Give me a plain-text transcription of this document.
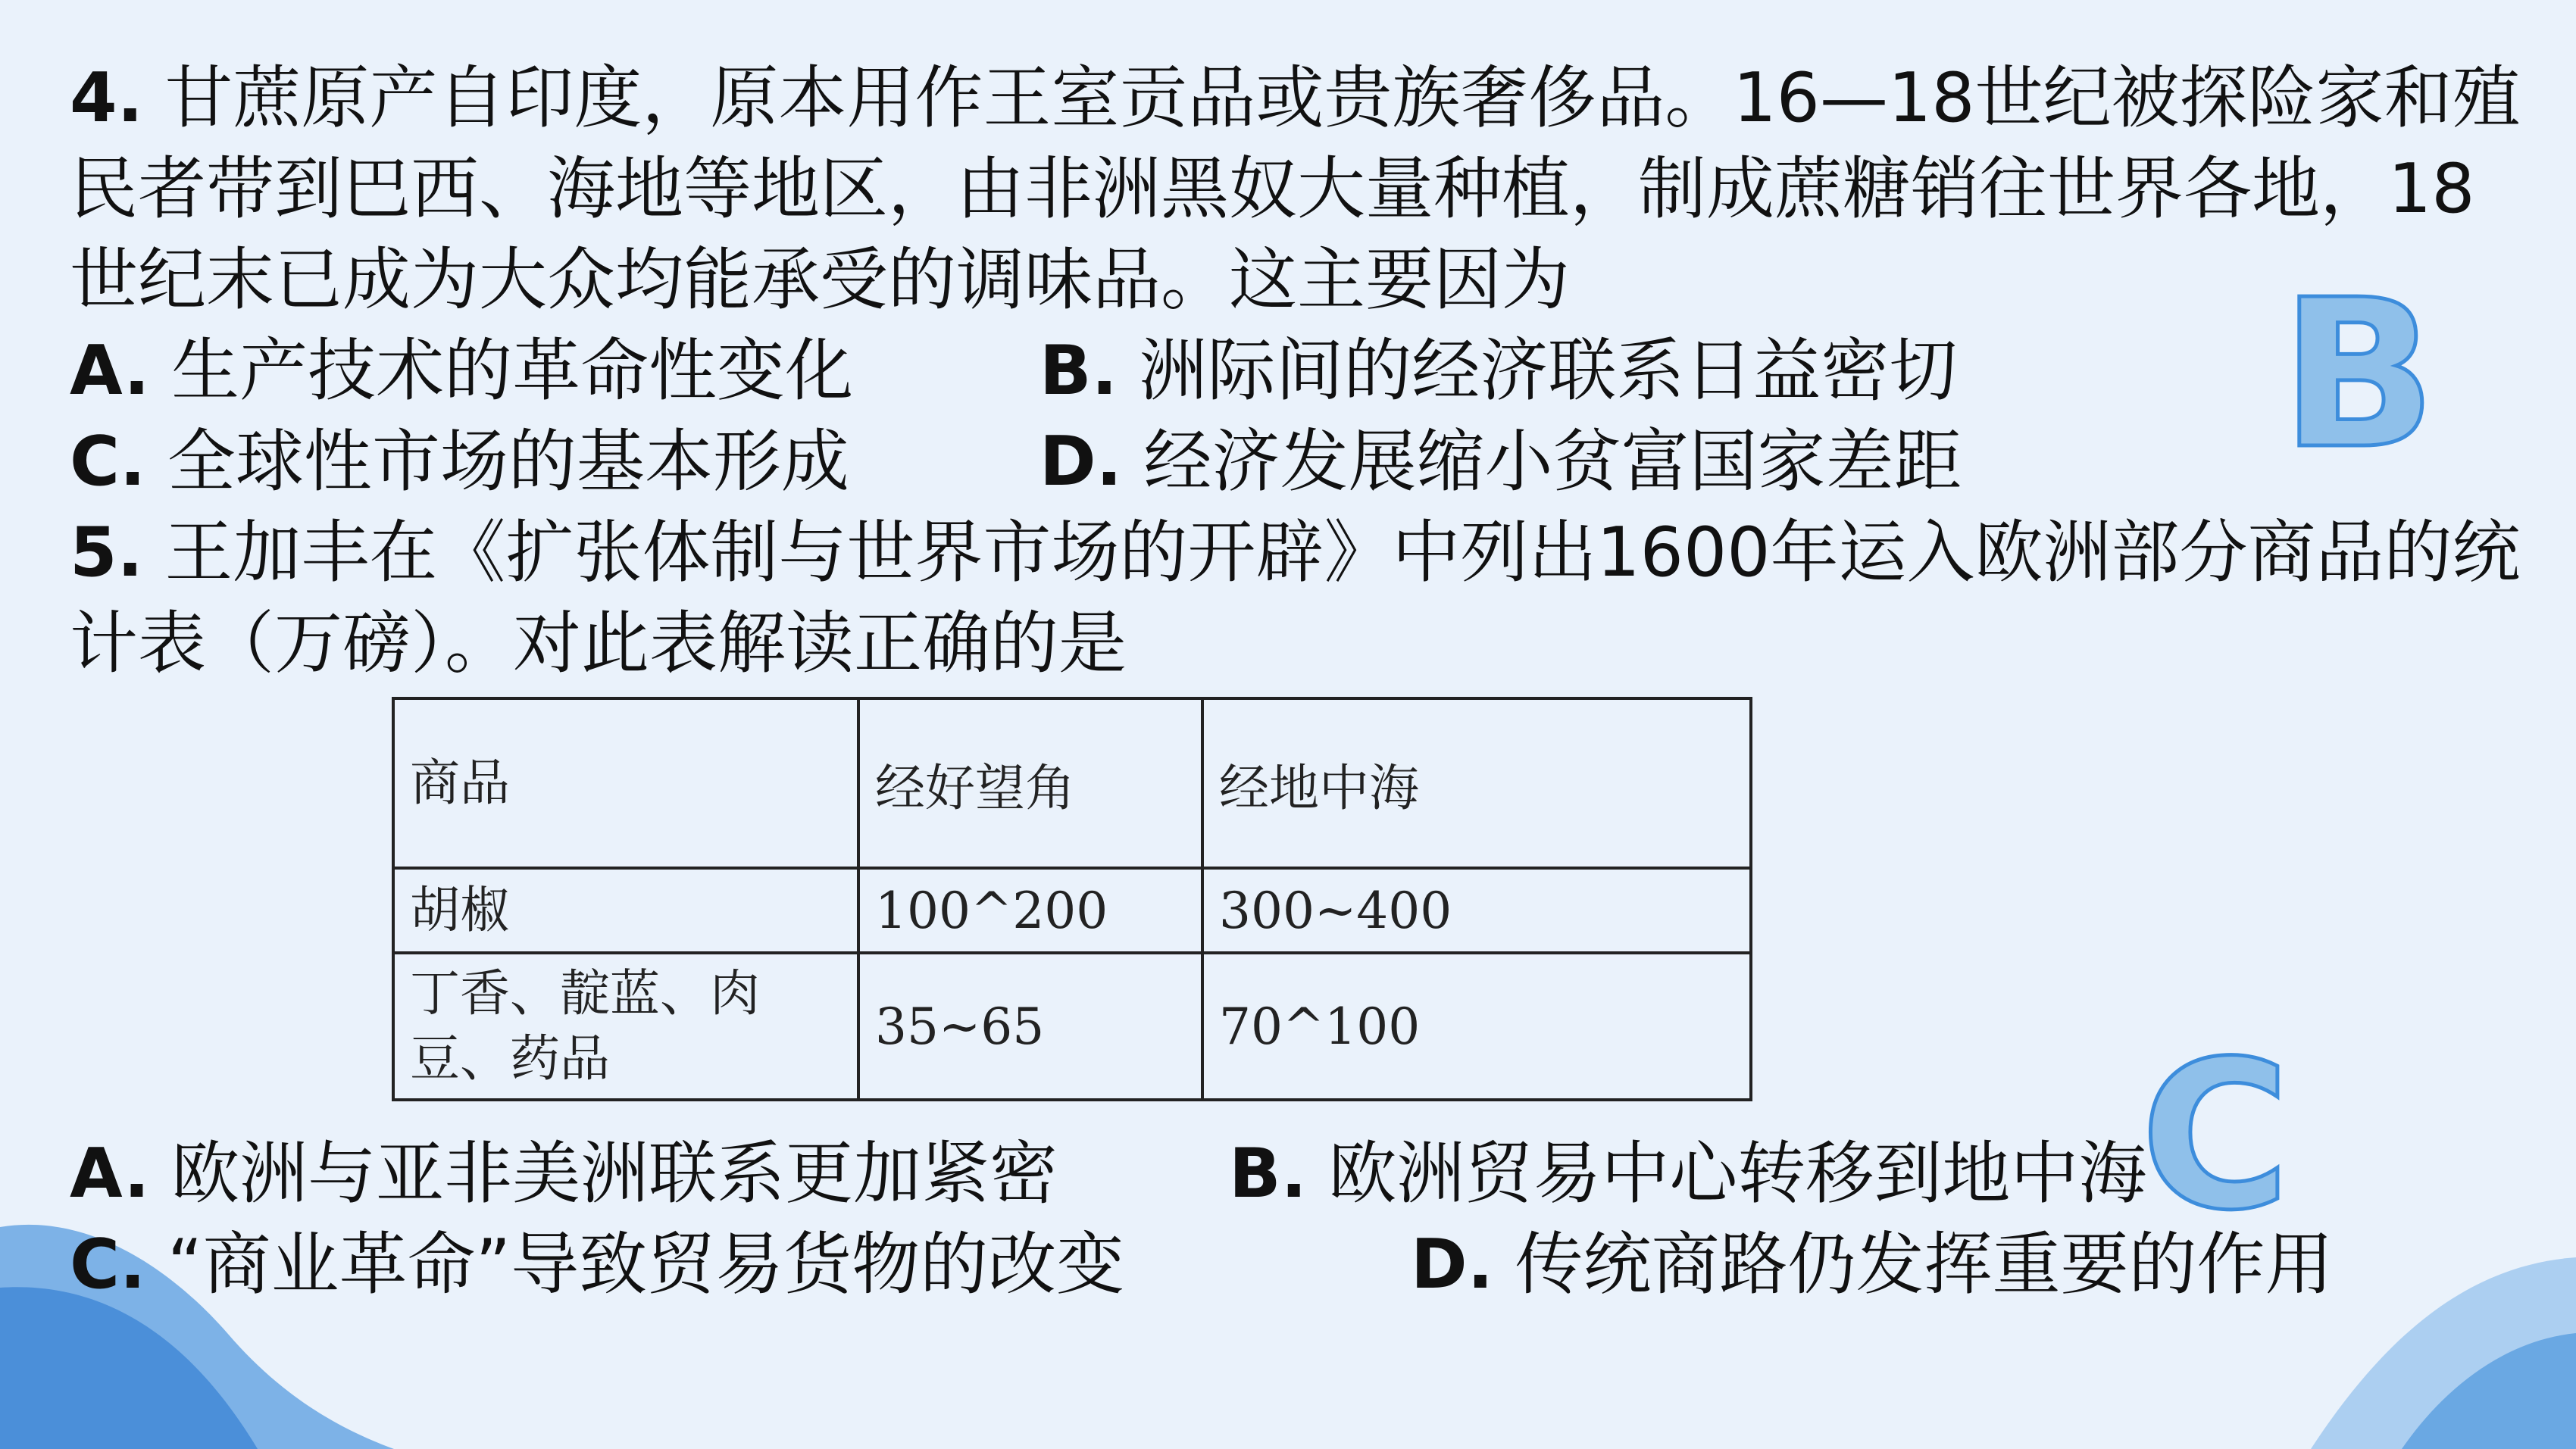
4. 甘蔗原产自印度，原本用作王室贡品或贵族奢侈品。16—18世纪被探险家和殖民者带到巴西、海地等地区，由非洲黑奴大量种植，制成蔗糖销往世界各地，18世纪末已成为大众均能承受的调味品。这主要因为

A. 生产技术的革命性变化	B. 洲际间的经济联系日益密切
C. 全球性市场的基本形成	D. 经济发展缩小贫富国家差距

5. 王加丰在《扩张体制与世界市场的开辟》中列出1600年运入欧洲部分商品的统计表（万磅）。对此表解读正确的是

商品	经好望角	经地中海
胡椒	100^200	300~400
丁香、靛蓝、肉豆、药品	35~65	70^100
A. 欧洲与亚非美洲联系更加紧密	B. 欧洲贸易中心转移到地中海
C. “商业革命”导致贸易货物的改变	D. 传统商路仍发挥重要的作用
B
C
